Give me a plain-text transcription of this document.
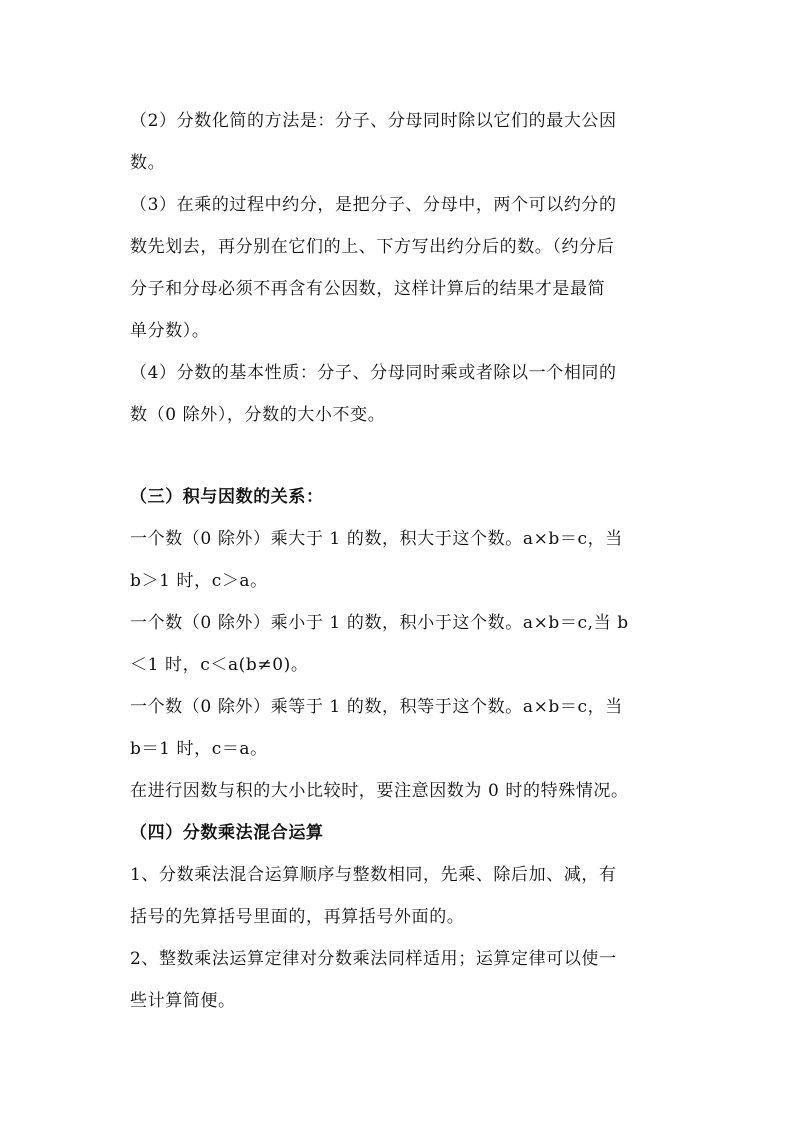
（2）分数化简的方法是：分子、分母同时除以它们的最大公因
数。
（3）在乘的过程中约分，是把分子、分母中，两个可以约分的
数先划去，再分别在它们的上、下方写出约分后的数。（约分后
分子和分母必须不再含有公因数，这样计算后的结果才是最简
单分数）。
（4）分数的基本性质：分子、分母同时乘或者除以一个相同的
数（0 除外），分数的大小不变。
（三）积与因数的关系：
一个数（0 除外）乘大于 1 的数，积大于这个数。a×b＝c，当
b＞1 时，c＞a。
一个数（0 除外）乘小于 1 的数，积小于这个数。a×b＝c,当 b
＜1 时，c＜a(b≠0)。
一个数（0 除外）乘等于 1 的数，积等于这个数。a×b＝c，当
b＝1 时，c＝a。
在进行因数与积的大小比较时，要注意因数为 0 时的特殊情况。
（四）分数乘法混合运算
1、分数乘法混合运算顺序与整数相同，先乘、除后加、减，有
括号的先算括号里面的，再算括号外面的。
2、整数乘法运算定律对分数乘法同样适用；运算定律可以使一
些计算简便。
